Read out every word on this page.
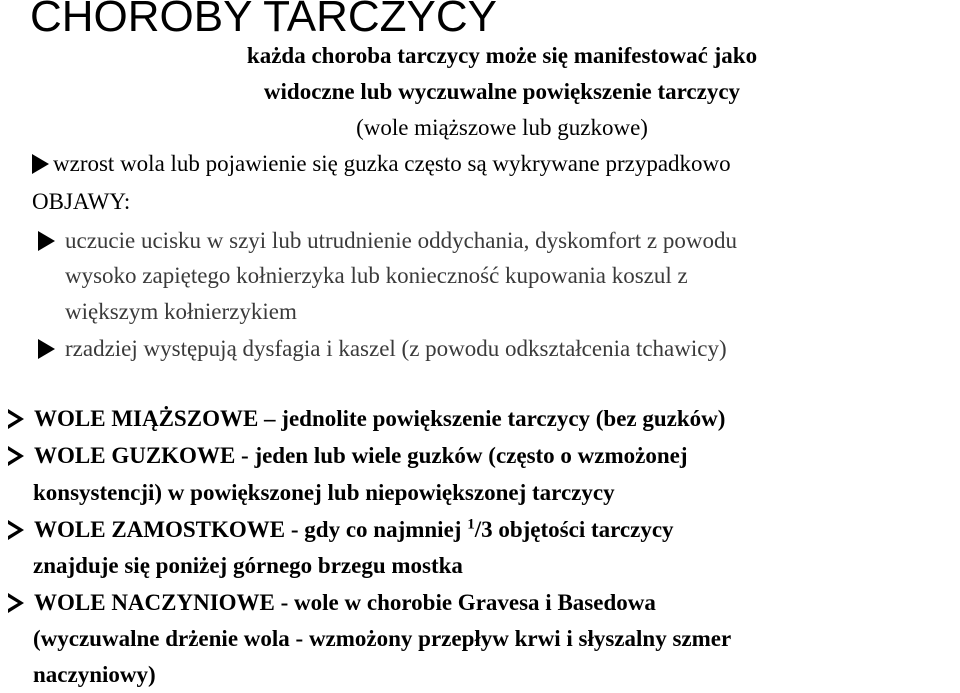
CHOROBY TARCZYCY
każda choroba tarczycy może się manifestować jako
widoczne lub wyczuwalne powiększenie tarczycy
(wole miąższowe lub guzkowe)
wzrost wola lub pojawienie się guzka często są wykrywane przypadkowo
OBJAWY:
uczucie ucisku w szyi lub utrudnienie oddychania, dyskomfort z powodu
wysoko zapiętego kołnierzyka lub konieczność kupowania koszul z
większym kołnierzykiem
rzadziej występują dysfagia i kaszel (z powodu odkształcenia tchawicy)
WOLE MIĄŻSZOWE – jednolite powiększenie tarczycy (bez guzków)
WOLE GUZKOWE - jeden lub wiele guzków (często o wzmożonej
konsystencji) w powiększonej lub niepowiększonej tarczycy
WOLE ZAMOSTKOWE - gdy co najmniej $^1$/3 objętości tarczycy
znajduje się poniżej górnego brzegu mostka
WOLE NACZYNIOWE - wole w chorobie Gravesa i Basedowa
(wyczuwalne drżenie wola - wzmożony przepływ krwi i słyszalny szmer
naczyniowy)
